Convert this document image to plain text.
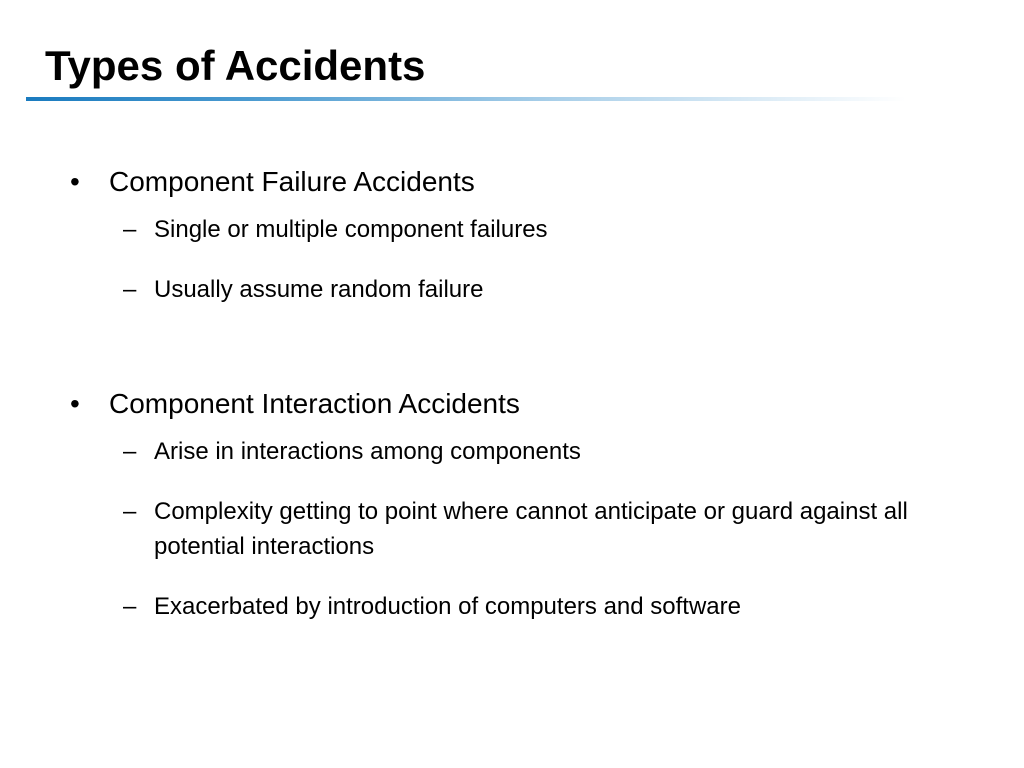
Types of Accidents
• Component Failure Accidents
– Single or multiple component failures
– Usually assume random failure
• Component Interaction Accidents
– Arise in interactions among components
– Complexity getting to point where cannot anticipate or guard against all potential interactions
– Exacerbated by introduction of computers and software
